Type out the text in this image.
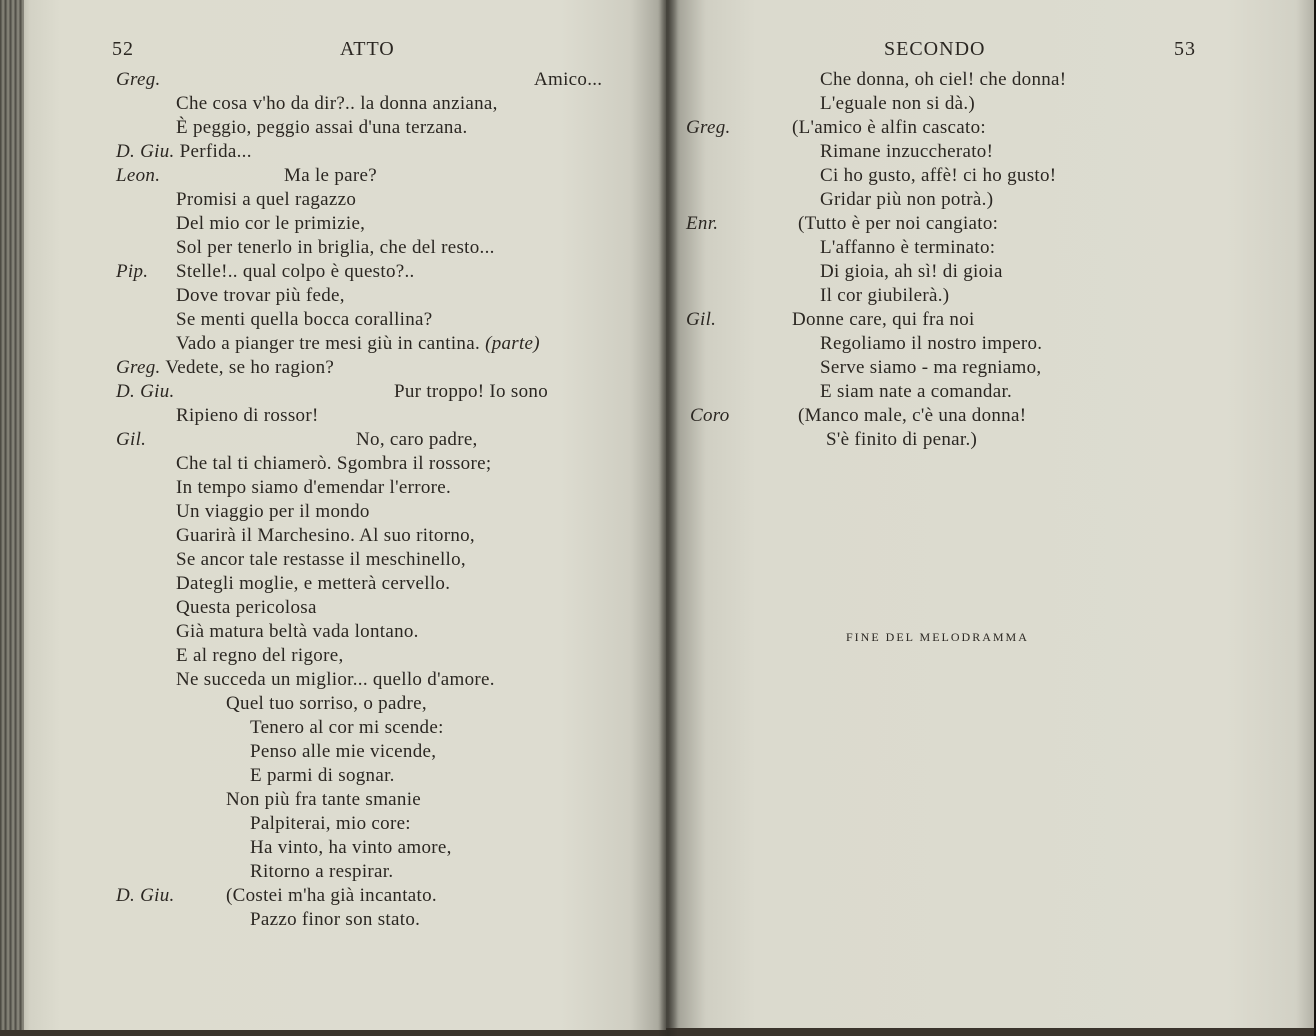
52	ATTO
Greg.	Amico...
Che cosa v'ho da dir?.. la donna anziana,
È peggio, peggio assai d'una terzana.
D. Giu. Perfida...
Leon.	Ma le pare?
Promisi a quel ragazzo
Del mio cor le primizie,
Sol per tenerlo in briglia, che del resto...
Pip. Stelle!.. qual colpo è questo?..
Dove trovar più fede,
Se menti quella bocca corallina?
Vado a pianger tre mesi giù in cantina. (parte)
Greg. Vedete, se ho ragion?
D. Giu.	Pur troppo! Io sono
Ripieno di rossor!
Gil.	No, caro padre,
Che tal ti chiamerò. Sgombra il rossore;
In tempo siamo d'emendar l'errore.
Un viaggio per il mondo
Guarirà il Marchesino. Al suo ritorno,
Se ancor tale restasse il meschinello,
Dategli moglie, e metterà cervello.
Questa pericolosa
Già matura beltà vada lontano.
E al regno del rigore,
Ne succeda un miglior... quello d'amore.
Quel tuo sorriso, o padre,
Tenero al cor mi scende:
Penso alle mie vicende,
E parmi di sognar.
Non più fra tante smanie
Palpiterai, mio core:
Ha vinto, ha vinto amore,
Ritorno a respirar.
D. Giu.	(Costei m'ha già incantato.
Pazzo finor son stato.
SECONDO	53
Che donna, oh ciel! che donna!
L'eguale non si dà.)
Greg.	(L'amico è alfin cascato:
Rimane inzuccherato!
Ci ho gusto, affè! ci ho gusto!
Gridar più non potrà.)
Enr.	(Tutto è per noi cangiato:
L'affanno è terminato:
Di gioia, ah sì! di gioia
Il cor giubilerà.)
Gil.	Donne care, qui fra noi
Regoliamo il nostro impero.
Serve siamo - ma regniamo,
E siam nate a comandar.
Coro	(Manco male, c'è una donna!
S'è finito di penar.)
FINE DEL MELODRAMMA
